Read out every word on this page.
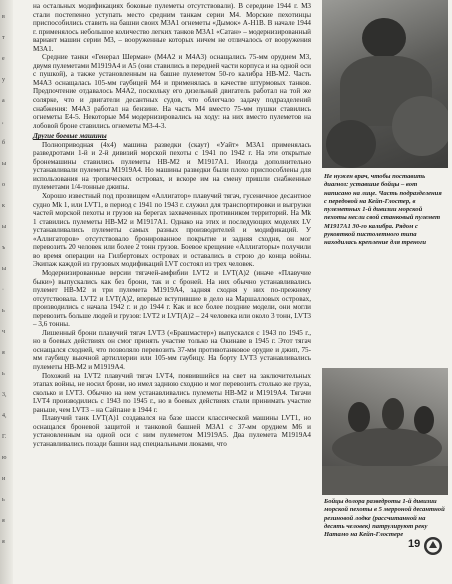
в
т
е
у
а
,
б
ы
о
к
ы
ъ
ы
·
ь
ч
я
ь
3,
4,
Г.
ю
и
ь
я
я

на остальных модификациях боковые пулеметы отсутствовали). В середине 1944 г. М3 стали постепенно уступать место средним танкам серии М4. Морские пехотинцы приспособились ставить на башни своих М3А1 огнеметы «Дымок» А-Н1В. В начале 1944 г. применялось небольшое количество легких танков М3А1 «Сатан» – модернизированный вариант машин серии М3, – вооруженные которых ничем не отличалось от вооружения М3А1.

Средние танки «Генерал Шерман» (М4А2 и М4А3) оснащались 75-мм орудием М3, двумя пулеметами M1919A4 и А5 (они ставились в передней части корпуса и на одной оси с пушкой), а также установленным на башне пулеметом 50-го калибра НВ-М2. Часть М4А3 оснащалась 105-мм гаубицей М4 и применялась в качестве штурмовых танков. Предпочтение отдавалось М4А2, поскольку его дизельный двигатель работал на той же солярке, что и двигатели десантных судов, что облегчало задачу подразделений снабжения: М4А3 работал на бензине. На часть М4 вместо 75-мм пушки ставились огнеметы Е4-5. Некоторые М4 модернизировались на ходу: на них вместо пулеметов на лобовой броне ставились огнеметы М3-4-3.

Другие боевые машины

Полноприводная (4х4) машина разведки (скаут) «Уайт» М3А1 применялась разведротами 1-й и 2-й дивизий морской пехоты с 1941 по 1942 г. На эти открытые бронемашины ставились пулеметы НВ-М2 и M1917A1. Иногда дополнительно устанавливали пулеметы M1919A4. Но машины разведки были плохо приспособлены для использования на тропических островах, и вскоре им на смену пришли снабженные пулеметами 1/4-тонные джипы.

Хорошо известный под прозвищем «Аллигатор» плавучий тягач, гусеничное десантное судно Mk 1, или LVT1, в период с 1941 по 1943 г. служил для транспортировки и выгрузки частей морской пехоты и грузов на берегах захваченных противником территорий. На Mk 1 ставились пулеметы НВ-М2 и M1917A1. Однако на этих и последующих моделях LV устанавливались пулеметы самых разных производителей и модификаций. У «Аллигаторов» отсутствовало бронированное покрытие и задняя сходня, он мог перевозить 20 человек или более 2 тонн грузов. Боевое крещение «Аллигаторы» получили во время операции на Гилбертовых островах и оставались в строю до конца войны. Экипаж каждой из грузовых модификаций LVT состоял из трех человек.

Модернизированные версии тягачей-амфибии LVT2 и LVT(A)2 (иначе «Плавучие быки») выпускались как без брони, так и с броней. На них обычно устанавливались пулемет НВ-М2 и три пулемета M1919A4, задняя сходня у них по-прежнему отсутствовала. LVT2 и LVT(A)2, впервые вступившие в дело на Маршалловых островах, производились с начала 1942 г. и до 1944 г. Как и все более поздние модели, они могли перевозить больше людей и грузов: LVT2 и LVT(A)2 – 24 человека или около 3 тонн, LVT3 – 3,6 тонны.

Лишенный брони плавучий тягач LVT3 («Брашмастер») выпускался с 1943 по 1945 г., но в боевых действиях он смог принять участие только на Окинаве в 1945 г. Этот тягач оснащался сходней, что позволяло перевозить 37-мм противотанковое орудие и джип, 75-мм гаубицу вьючной артиллерии или 105-мм гаубицу. На борту LVT3 устанавливались пулеметы НВ-М2 и M1919A4.

Похожий на LVT2 плавучий тягач LVT4, появившийся на свет на заключительных этапах войны, не носил брони, но имел заднюю сходню и мог перевозить столько же груза, сколько и LVT3. Обычно на нем устанавливались пулеметы НВ-М2 и M1919A4. Тягачи LVT4 производились с 1943 по 1945 г., но в боевых действиях стали принимать участие раньше, чем LVT3 – на Сайпане в 1944 г.

Плавучий танк LVT(A)1 создавался на базе шасси классической машины LVT1, но оснащался броневой защитой и танковой башней М3А1 с 37-мм орудием М6 и установленным на одной оси с ним пулеметом M1919A5. Два пулемета M1919A4 устанавливались позади башни над специальными люками, что

Не нужен врач, чтобы поставить диагноз: уставшие бойцы – вот написано на лице. Часть подразделения с передовой на Кейп-Глостер, в пулеметных 1-й дивизии морской пехоты несли свой станковый пулемет M1917A1 30-го калибра. Рядом с рукояткой пистолетного типа находилась крепление для треноги
Бойцы долора разведроты 1-й дивизии морской пехоты в 5 мерроной десантной резиновой лодке (рассчитанной на десять человек) патрулируют реку Натамо на Кейп-Глостере
19
